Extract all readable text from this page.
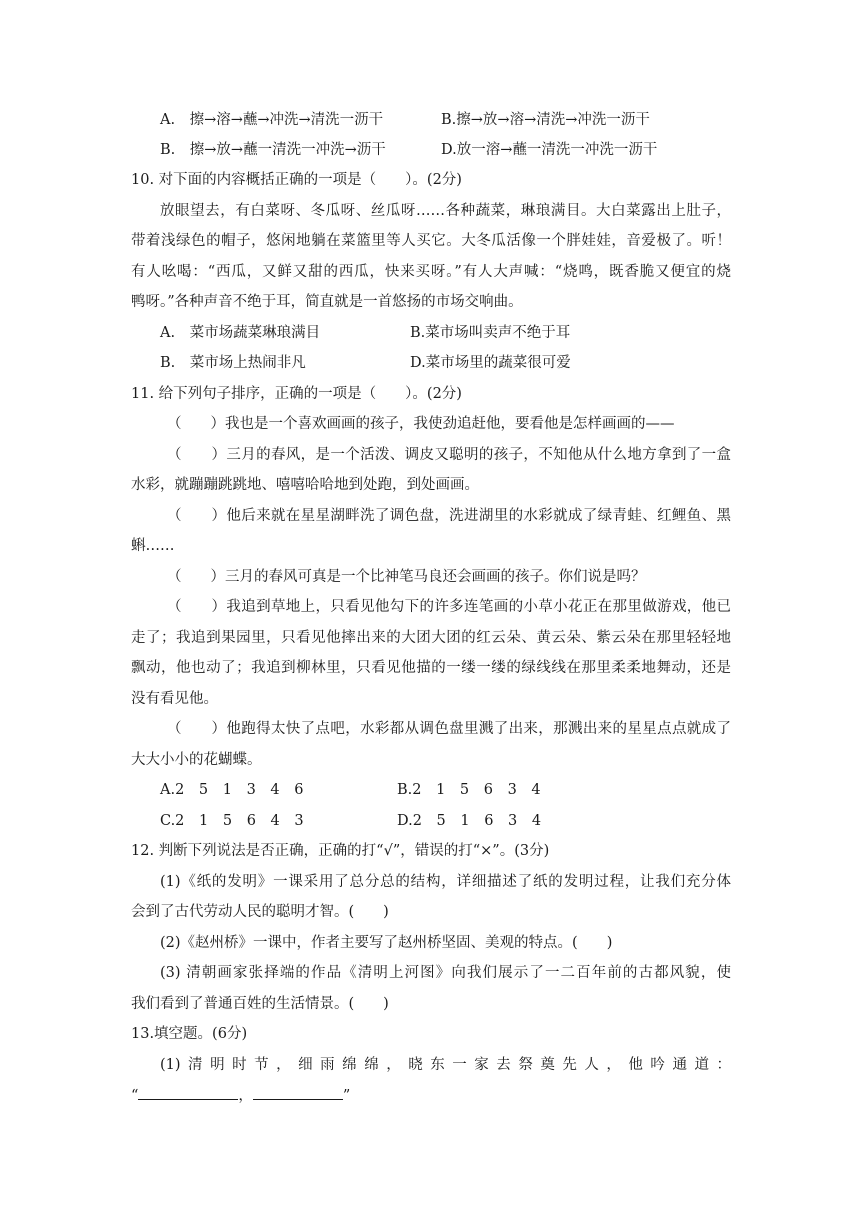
A.　擦→溶→蘸→冲洗→清洗一沥干	B.擦→放→溶→清洗→冲洗一沥干
B.　擦→放→蘸一清洗一冲洗→沥干	D.放一溶→蘸一清洗一冲洗一沥干
10. 对下面的内容概括正确的一项是（　　）。(2分)
放眼望去，有白菜呀、冬瓜呀、丝瓜呀……各种蔬菜，琳琅满目。大白菜露出上肚子，
带着浅绿色的帽子，悠闲地躺在菜篮里等人买它。大冬瓜活像一个胖娃娃，音爱极了。听！
有人吆喝：“西瓜，又鲜又甜的西瓜，快来买呀。”有人大声喊：“烧鸣，既香脆又便宜的烧
鸭呀。”各种声音不绝于耳，简直就是一首悠扬的市场交响曲。
A.　菜市场蔬菜琳琅满目	B.菜市场叫卖声不绝于耳
B.　菜市场上热闹非凡	D.菜市场里的蔬菜很可爱
11. 给下列句子排序，正确的一项是（　　）。(2分)
（　　）我也是一个喜欢画画的孩子，我使劲追赶他，要看他是怎样画画的——
（　　）三月的春风，是一个活泼、调皮又聪明的孩子，不知他从什么地方拿到了一盒
水彩，就蹦蹦跳跳地、嘻嘻哈哈地到处跑，到处画画。
（　　）他后来就在星星湖畔洗了调色盘，洗进湖里的水彩就成了绿青蛙、红鲤鱼、黑
蝌……
（　　）三月的春风可真是一个比神笔马良还会画画的孩子。你们说是吗？
（　　）我追到草地上，只看见他勾下的许多连笔画的小草小花正在那里做游戏，他已
走了；我追到果园里，只看见他摔出来的大团大团的红云朵、黄云朵、紫云朵在那里轻轻地
飘动，他也动了；我追到柳林里，只看见他描的一缕一缕的绿线线在那里柔柔地舞动，还是
没有看见他。
（　　）他跑得太快了点吧，水彩都从调色盘里溅了出来，那溅出来的星星点点就成了
大大小小的花蝴蝶。
A.2 5 1 3 4 6	B.2 1 5 6 3 4
C.2 1 5 6 4 3	D.2 5 1 6 3 4
12. 判断下列说法是否正确，正确的打“√”，错误的打“×”。(3分)
(1)《纸的发明》一课采用了总分总的结构，详细描述了纸的发明过程，让我们充分体
会到了古代劳动人民的聪明才智。(　　)
(2)《赵州桥》一课中，作者主要写了赵州桥坚固、美观的特点。(　　)
(3) 清朝画家张择端的作品《清明上河图》向我们展示了一二百年前的古都风貌，使
我们看到了普通百姓的生活情景。(　　)
13.填空题。(6分)
(1)清明时节，细雨绵绵，晓东一家去祭奠先人，他吟通道：
“	，	”
